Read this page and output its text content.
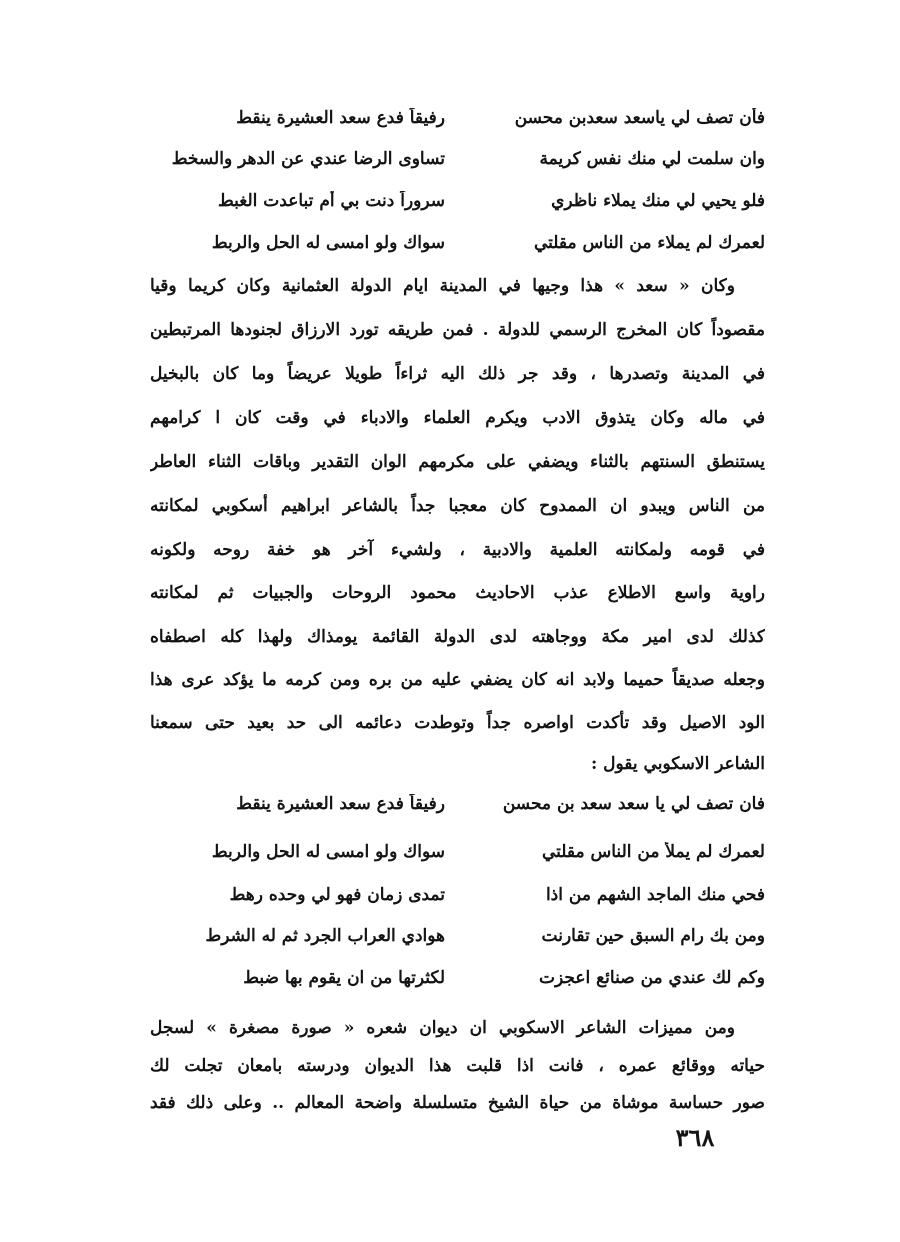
فأن تصف لي ياسعد سعدبن محسن
رفيقاً فدع سعد العشيرة ينقط
وان سلمت لي منك نفس كريمة
تساوى الرضا عندي عن الدهر والسخط
فلو يحيي لي منك يملاء ناظري
سروراً دنت بي أم تباعدت الغبط
لعمرك لم يملاء من الناس مقلتي
سواك ولو امسى له الحل والربط
وكان « سعد » هذا وجيها في المدينة ايام الدولة العثمانية وكان كريما وقيا
مقصوداً كان المخرج الرسمي للدولة . فمن طريقه تورد الارزاق لجنودها المرتبطين
في المدينة وتصدرها ، وقد جر ذلك اليه ثراءاً طويلا عريضاً وما كان بالبخيل
في ماله وكان يتذوق الادب ويكرم العلماء والادباء في وقت كان ا كرامهم
يستنطق السنتهم بالثناء ويضفي على مكرمهم الوان التقدير وباقات الثناء العاطر
من الناس ويبدو ان الممدوح كان معجبا جداً بالشاعر ابراهيم أسكوبي لمكانته
في قومه ولمكانته العلمية والادبية ، ولشيء آخر هو خفة روحه ولكونه
راوية واسع الاطلاع عذب الاحاديث محمود الروحات والجبيات ثم لمكانته
كذلك لدى امير مكة ووجاهته لدى الدولة القائمة يومذاك ولهذا كله اصطفاه
وجعله صديقاً حميما ولابد انه كان يضفي عليه من بره ومن كرمه ما يؤكد عرى هذا
الود الاصيل وقد تأكدت اواصره جداً وتوطدت دعائمه الى حد بعيد حتى سمعنا
الشاعر الاسكوبي يقول :
فان تصف لي يا سعد سعد بن محسن
رفيقاً فدع سعد العشيرة ينقط
لعمرك لم يملأ من الناس مقلتي
سواك ولو امسى له الحل والربط
فحي منك الماجد الشهم من اذا
تمدى زمان فهو لي وحده رهط
ومن بك رام السبق حين تقارنت
هوادي العراب الجرد ثم له الشرط
وكم لك عندي من صنائع اعجزت
لكثرتها من ان يقوم بها ضبط
ومن مميزات الشاعر الاسكوبي ان ديوان شعره « صورة مصغرة » لسجل
حياته ووقائع عمره ، فانت اذا قلبت هذا الديوان ودرسته بامعان تجلت لك
صور حساسة موشاة من حياة الشيخ متسلسلة واضحة المعالم .. وعلى ذلك فقد
٣٦٨
